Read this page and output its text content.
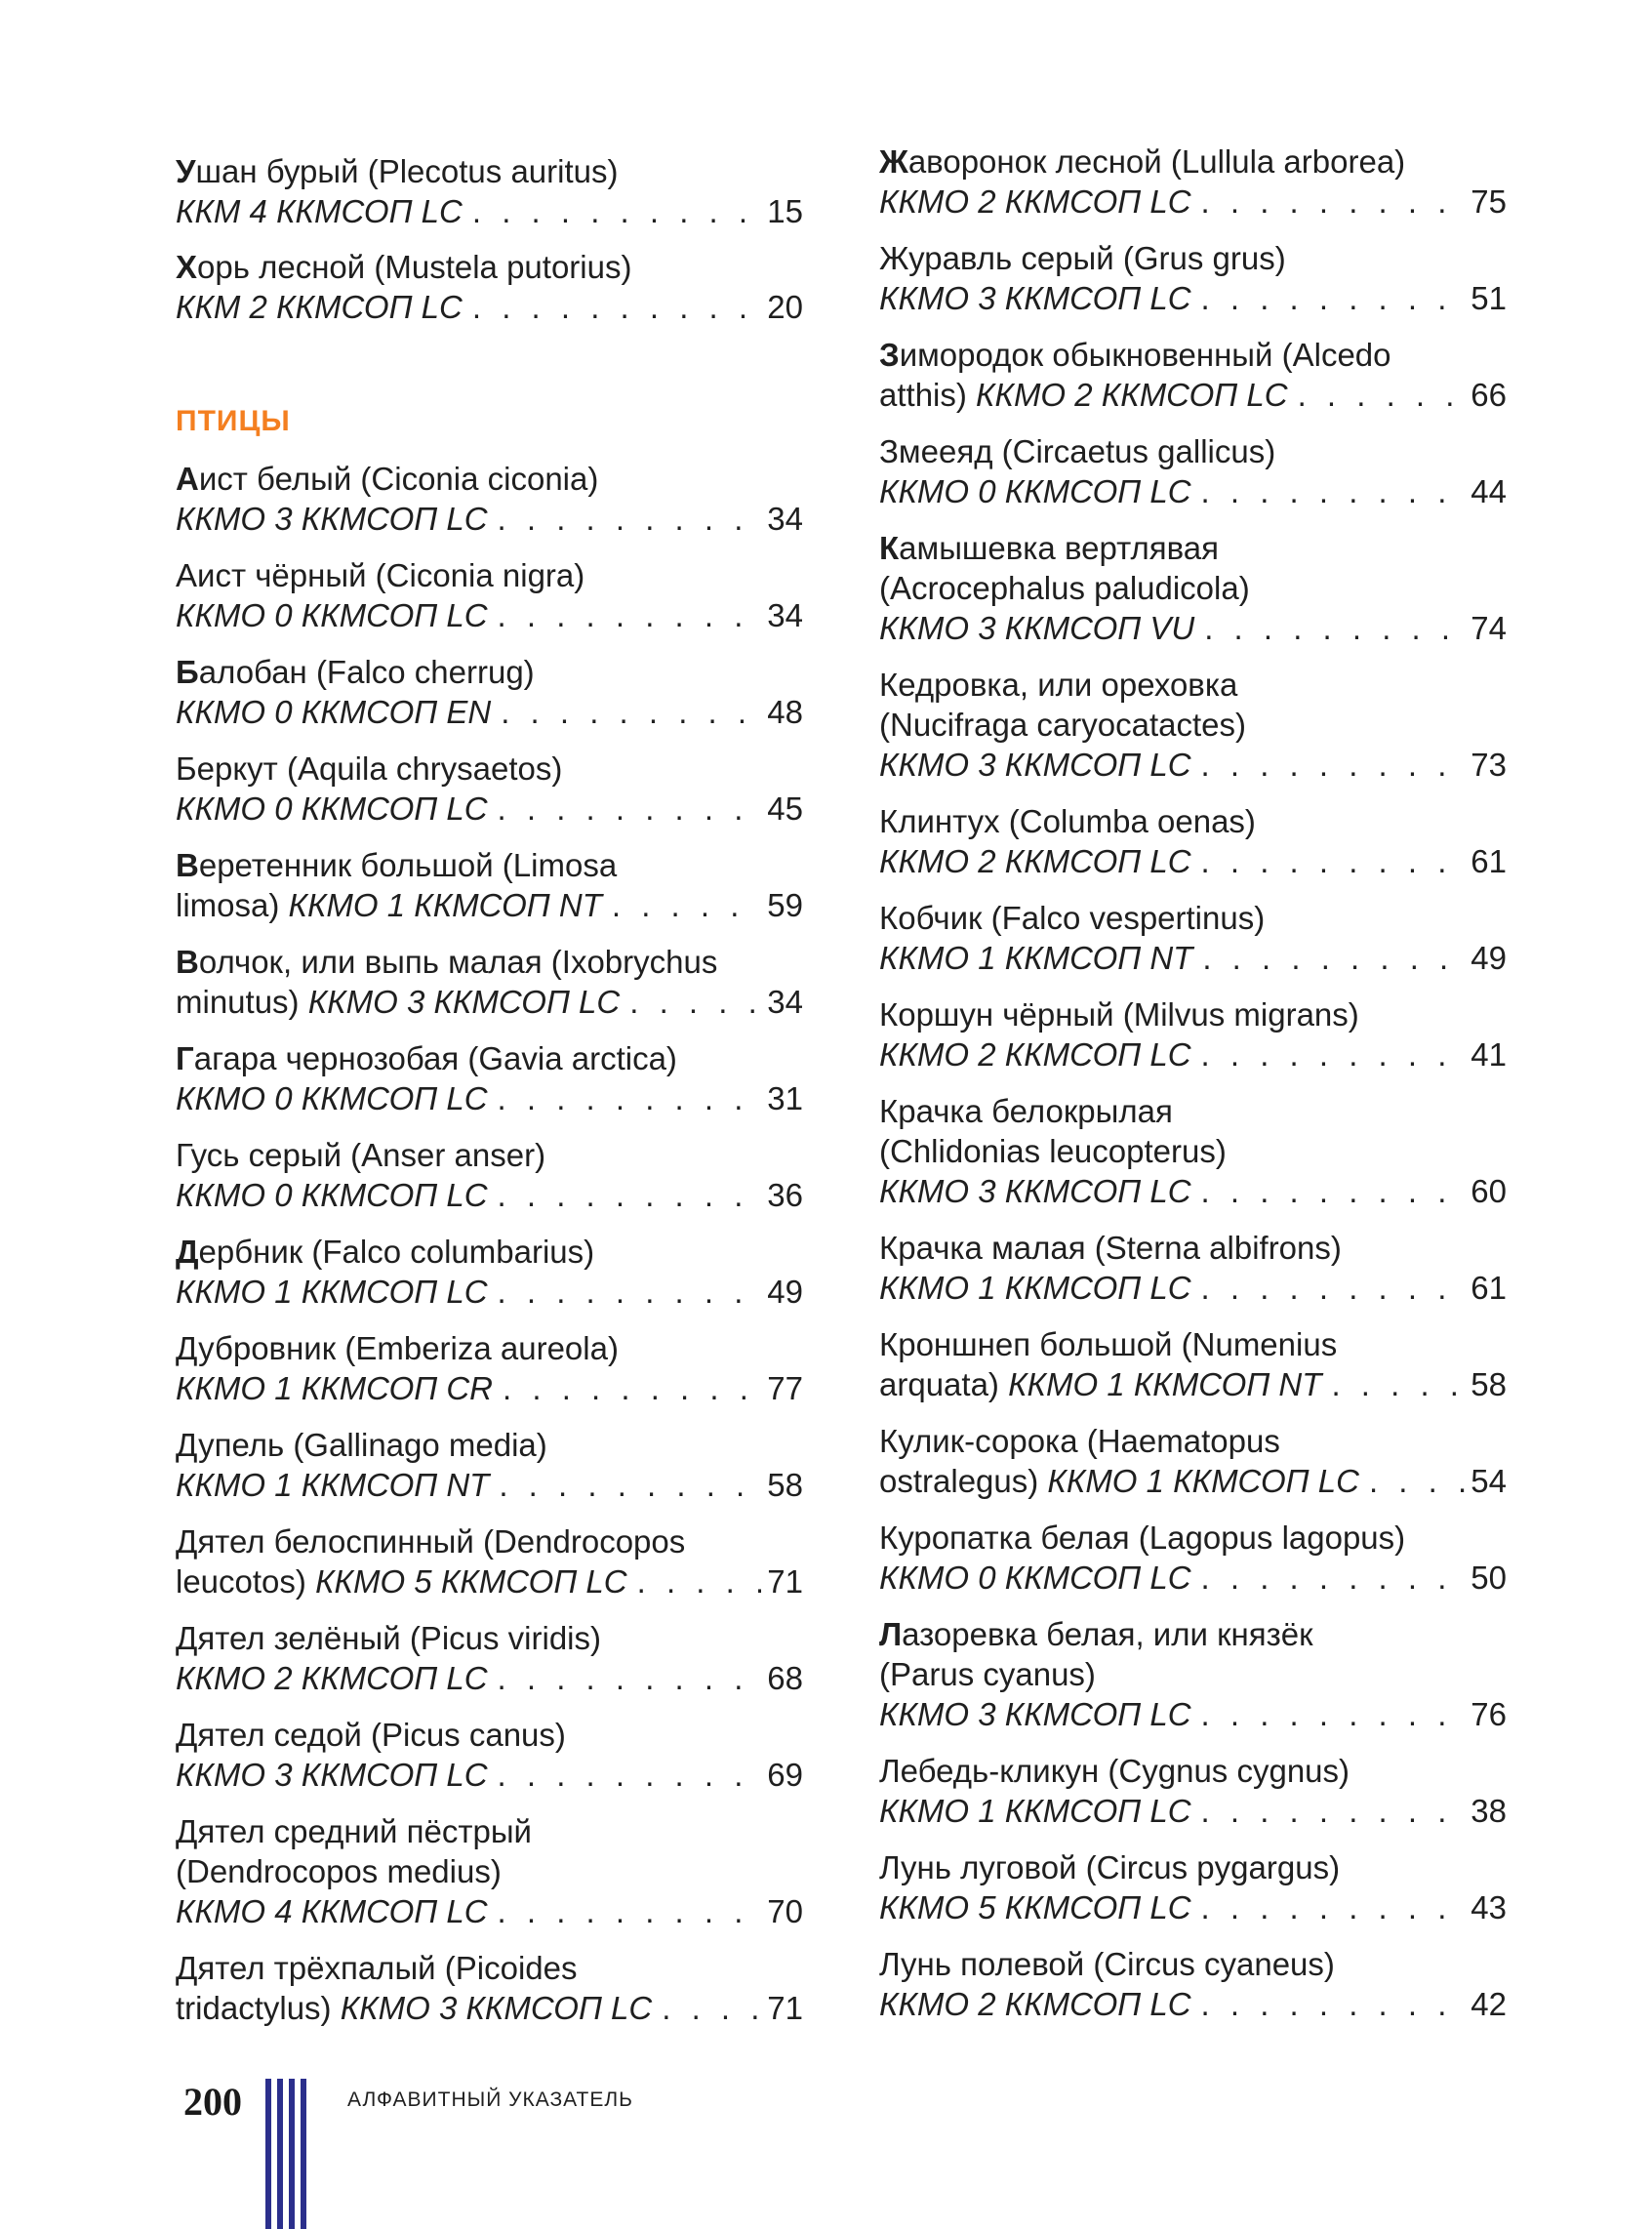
У шан бурый (Plecotus auritus)
ККМ 4 ККМСОП LC . . .	15
Х орь лесной (Mustela putorius)
ККМ 2 ККМСОП LC . . .	20
ПТИЦЫ
А ист белый (Ciconia ciconia)
ККМО 3 ККМСОП LC . . .	34
Аист чёрный (Ciconia nigra)
ККМО 0 ККМСОП LC . . .	34
Б алобан (Falco cherrug)
ККМО 0 ККМСОП EN . . .	48
Беркут (Aquila chrysaetos)
ККМО 0 ККМСОП LC . . .	45
В еретенник большой (Limosa
limosa) ККМО 1 ККМСОП NT . . .	59
В олчок, или выпь малая (Ixobrychus
minutus) ККМО 3 ККМСОП LC . . .	34
Г агара чернозобая (Gavia arctica)
ККМО 0 ККМСОП LC . . .	31
Гусь серый (Anser anser)
ККМО 0 ККМСОП LC . . .	36
Д ербник (Falco columbarius)
ККМО 1 ККМСОП LC . . .	49
Дубровник (Emberiza aureola)
ККМО 1 ККМСОП CR . . .	77
Дупель (Gallinago media)
ККМО 1 ККМСОП NT . . .	58
Дятел белоспинный (Dendrocopos
leucotos) ККМО 5 ККМСОП LC . . .	71
Дятел зелёный (Picus viridis)
ККМО 2 ККМСОП LC . . .	68
Дятел седой (Picus canus)
ККМО 3 ККМСОП LC . . .	69
Дятел средний пёстрый
(Dendrocopos medius)
ККМО 4 ККМСОП LC . . .	70
Дятел трёхпалый (Picoides
tridactylus) ККМО 3 ККМСОП LC . . .	71
Ж аворонок лесной (Lullula arborea)
ККМО 2 ККМСОП LC . . .	75
Журавль серый (Grus grus)
ККМО 3 ККМСОП LC . . .	51
З имородок обыкновенный (Alcedo
atthis) ККМО 2 ККМСОП LC . . .	66
Змееяд (Circaetus gallicus)
ККМО 0 ККМСОП LC . . .	44
К амышевка вертлявая
(Acrocephalus paludicola)
ККМО 3 ККМСОП VU . . .	74
Кедровка, или ореховка
(Nucifraga caryocatactes)
ККМО 3 ККМСОП LC . . .	73
Клинтух (Columba oenas)
ККМО 2 ККМСОП LC . . .	61
Кобчик (Falco vespertinus)
ККМО 1 ККМСОП NT . . .	49
Коршун чёрный (Milvus migrans)
ККМО 2 ККМСОП LC . . .	41
Крачка белокрылая
(Chlidonias leucopterus)
ККМО 3 ККМСОП LC . . .	60
Крачка малая (Sterna albifrons)
ККМО 1 ККМСОП LC . . .	61
Кроншнеп большой (Numenius
arquata) ККМО 1 ККМСОП NT . . .	58
Кулик-сорока (Haematopus
ostralegus) ККМО 1 ККМСОП LC . . .	54
Куропатка белая (Lagopus lagopus)
ККМО 0 ККМСОП LC . . .	50
Л азоревка белая, или князёк
(Parus cyanus)
ККМО 3 ККМСОП LC . . .	76
Лебедь-кликун (Cygnus cygnus)
ККМО 1 ККМСОП LC . . .	38
Лунь луговой (Circus pygargus)
ККМО 5 ККМСОП LC . . .	43
Лунь полевой (Circus cyaneus)
ККМО 2 ККМСОП LC . . .	42
200	АЛФАВИТНЫЙ УКАЗАТЕЛЬ
